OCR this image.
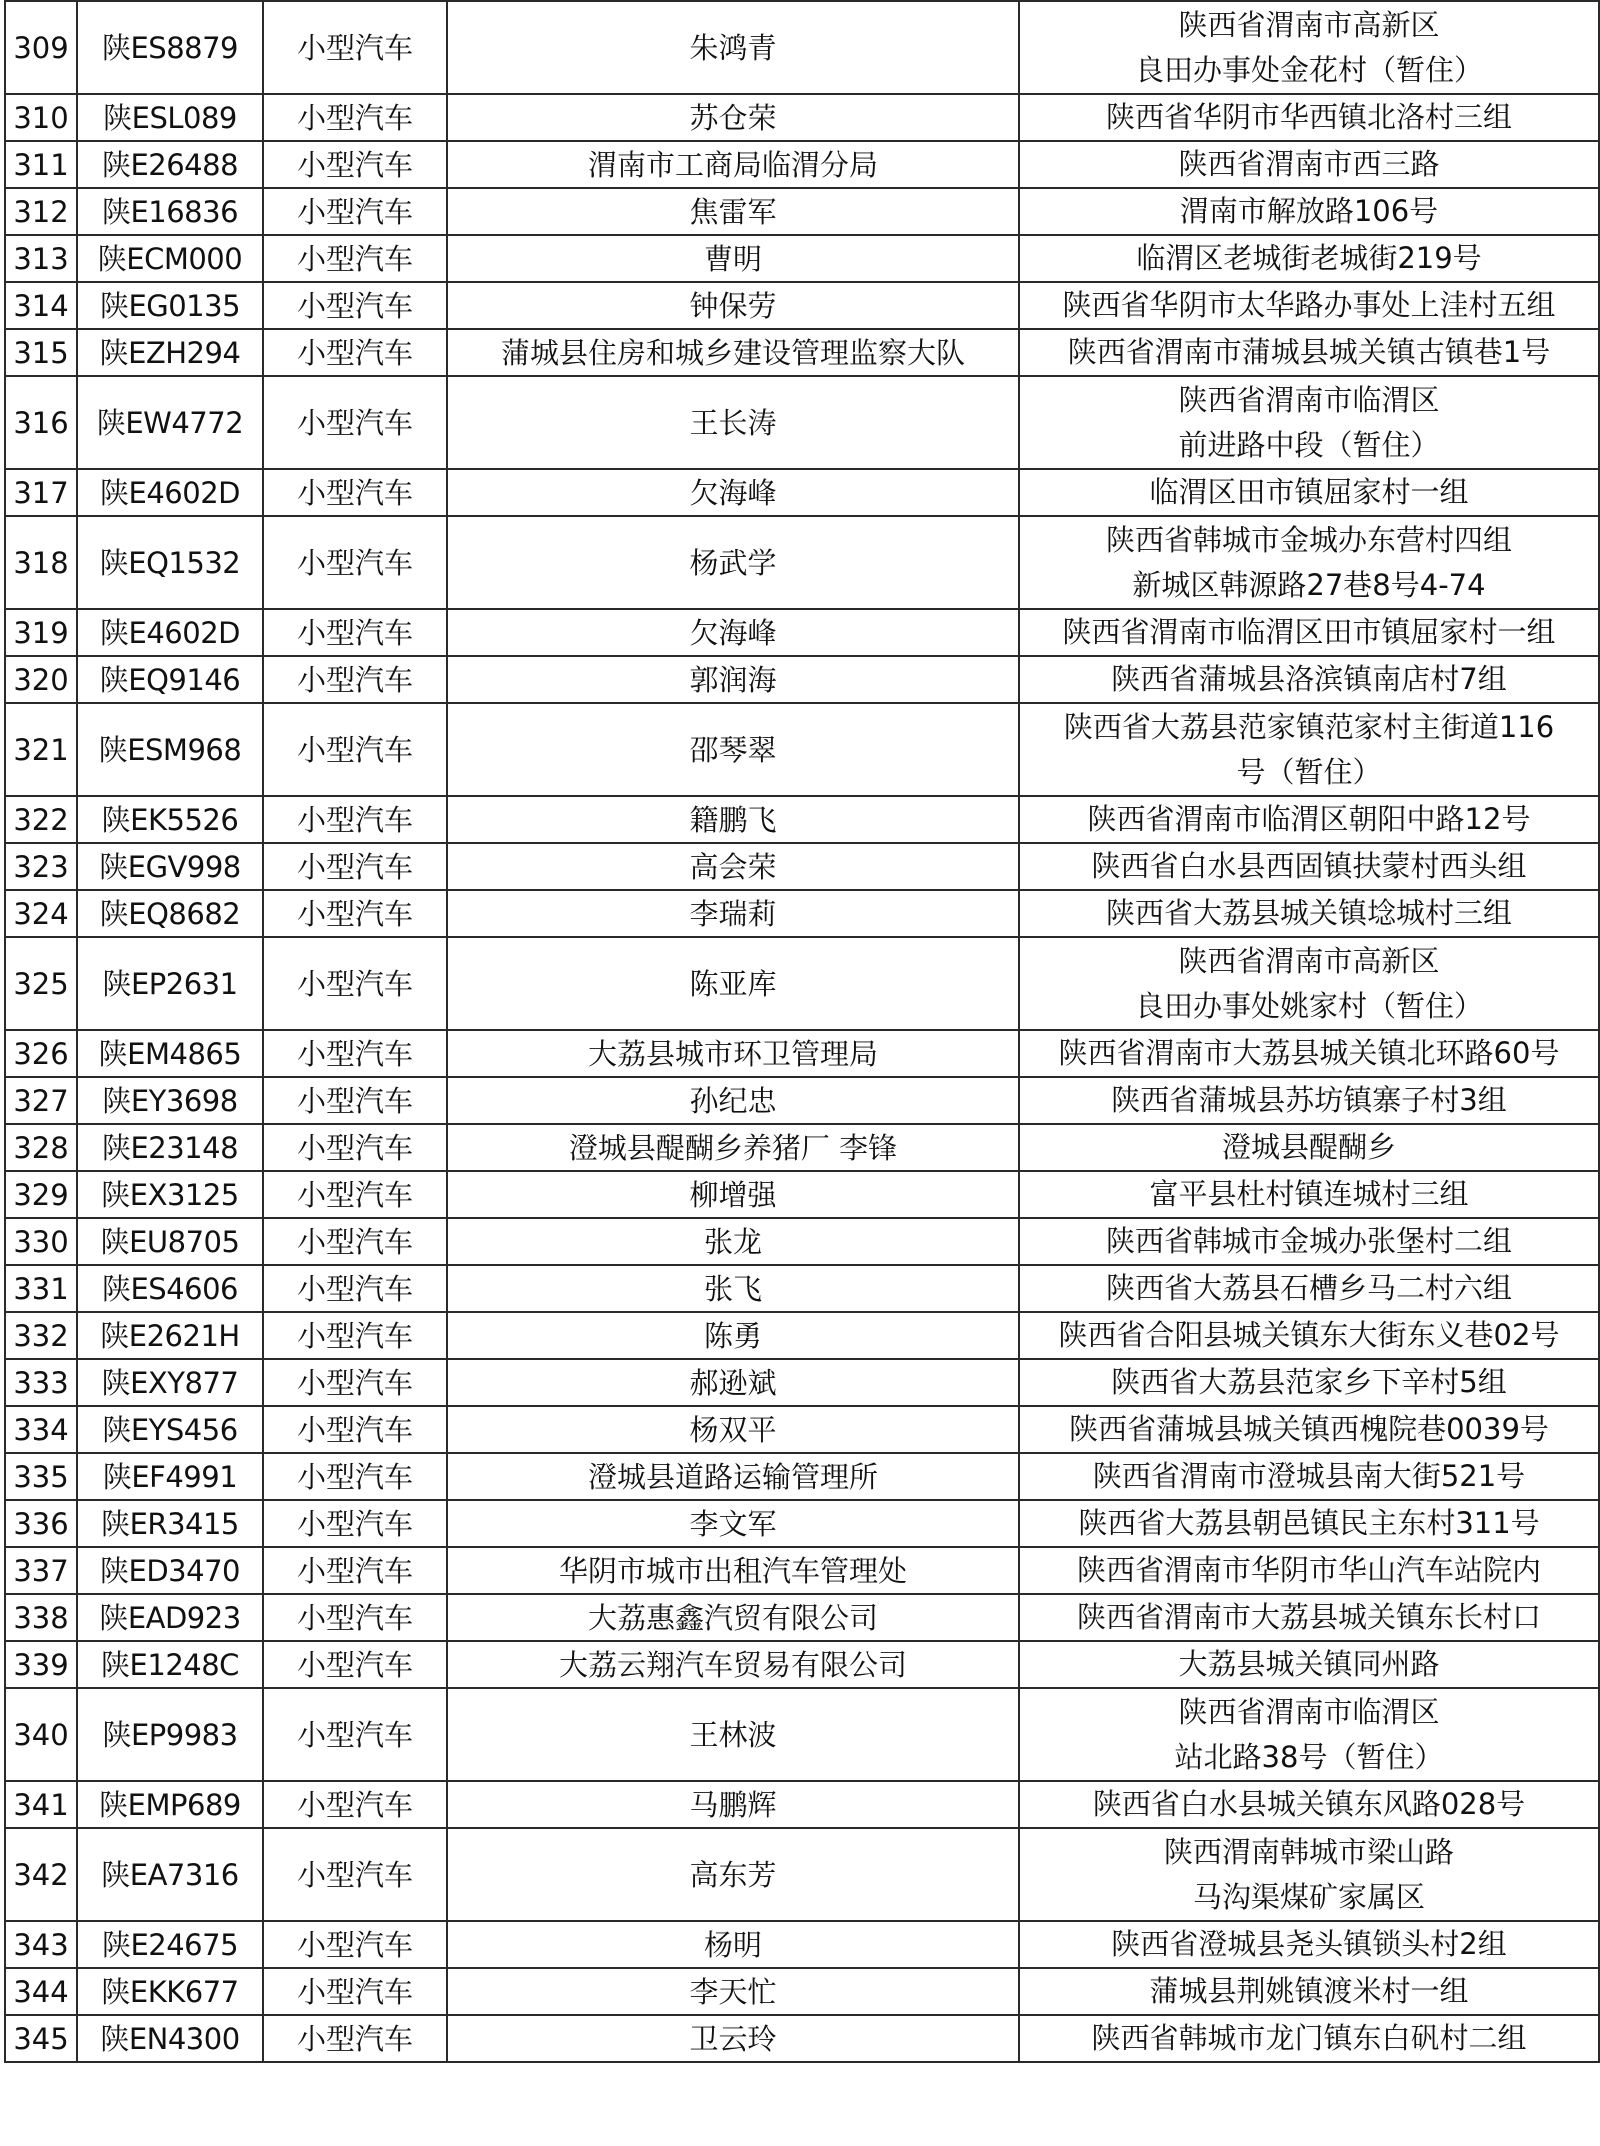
309	陕ES8879	小型汽车	朱鸿青	陕西省渭南市高新区
良田办事处金花村（暂住）

310	陕ESL089	小型汽车	苏仓荣	陕西省华阴市华西镇北洛村三组

311	陕E26488	小型汽车	渭南市工商局临渭分局	陕西省渭南市西三路

312	陕E16836	小型汽车	焦雷军	渭南市解放路106号

313	陕ECM000	小型汽车	曹明	临渭区老城街老城街219号

314	陕EG0135	小型汽车	钟保劳	陕西省华阴市太华路办事处上洼村五组

315	陕EZH294	小型汽车	蒲城县住房和城乡建设管理监察大队	陕西省渭南市蒲城县城关镇古镇巷1号

316	陕EW4772	小型汽车	王长涛	陕西省渭南市临渭区
前进路中段（暂住）

317	陕E4602D	小型汽车	欠海峰	临渭区田市镇屈家村一组

318	陕EQ1532	小型汽车	杨武学	陕西省韩城市金城办东营村四组
新城区韩源路27巷8号4-74

319	陕E4602D	小型汽车	欠海峰	陕西省渭南市临渭区田市镇屈家村一组

320	陕EQ9146	小型汽车	郭润海	陕西省蒲城县洛滨镇南店村7组

321	陕ESM968	小型汽车	邵琴翠	陕西省大荔县范家镇范家村主街道116
号（暂住）

322	陕EK5526	小型汽车	籍鹏飞	陕西省渭南市临渭区朝阳中路12号

323	陕EGV998	小型汽车	高会荣	陕西省白水县西固镇扶蒙村西头组

324	陕EQ8682	小型汽车	李瑞莉	陕西省大荔县城关镇埝城村三组

325	陕EP2631	小型汽车	陈亚库	陕西省渭南市高新区
良田办事处姚家村（暂住）

326	陕EM4865	小型汽车	大荔县城市环卫管理局	陕西省渭南市大荔县城关镇北环路60号

327	陕EY3698	小型汽车	孙纪忠	陕西省蒲城县苏坊镇寨子村3组

328	陕E23148	小型汽车	澄城县醍醐乡养猪厂 李锋	澄城县醍醐乡

329	陕EX3125	小型汽车	柳增强	富平县杜村镇连城村三组

330	陕EU8705	小型汽车	张龙	陕西省韩城市金城办张堡村二组

331	陕ES4606	小型汽车	张飞	陕西省大荔县石槽乡马二村六组

332	陕E2621H	小型汽车	陈勇	陕西省合阳县城关镇东大街东义巷02号

333	陕EXY877	小型汽车	郝逊斌	陕西省大荔县范家乡下辛村5组

334	陕EYS456	小型汽车	杨双平	陕西省蒲城县城关镇西槐院巷0039号

335	陕EF4991	小型汽车	澄城县道路运输管理所	陕西省渭南市澄城县南大街521号

336	陕ER3415	小型汽车	李文军	陕西省大荔县朝邑镇民主东村311号

337	陕ED3470	小型汽车	华阴市城市出租汽车管理处	陕西省渭南市华阴市华山汽车站院内

338	陕EAD923	小型汽车	大荔惠鑫汽贸有限公司	陕西省渭南市大荔县城关镇东长村口

339	陕E1248C	小型汽车	大荔云翔汽车贸易有限公司	大荔县城关镇同州路

340	陕EP9983	小型汽车	王林波	陕西省渭南市临渭区
站北路38号（暂住）

341	陕EMP689	小型汽车	马鹏辉	陕西省白水县城关镇东风路028号

342	陕EA7316	小型汽车	高东芳	陕西渭南韩城市梁山路
马沟渠煤矿家属区

343	陕E24675	小型汽车	杨明	陕西省澄城县尧头镇锁头村2组

344	陕EKK677	小型汽车	李天忙	蒲城县荆姚镇渡米村一组

345	陕EN4300	小型汽车	卫云玲	陕西省韩城市龙门镇东白矾村二组
